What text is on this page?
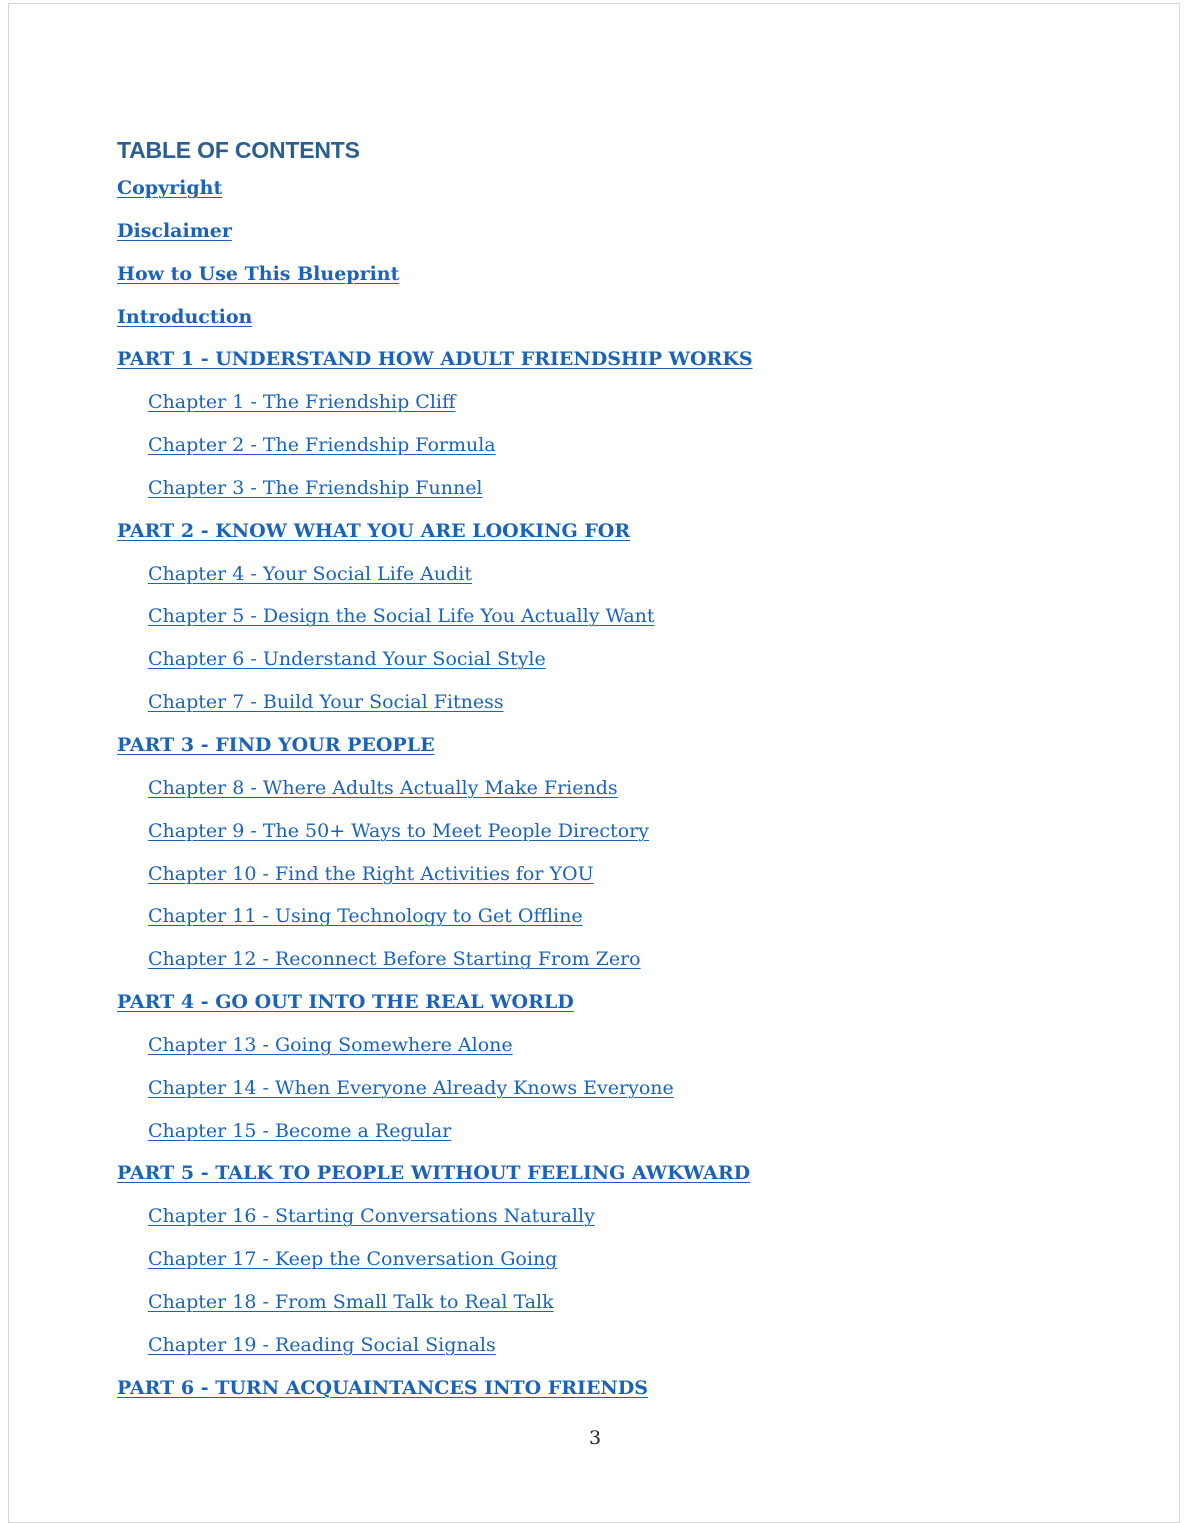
TABLE OF CONTENTS
Copyright
Disclaimer
How to Use This Blueprint
Introduction
PART 1 - UNDERSTAND HOW ADULT FRIENDSHIP WORKS
Chapter 1 - The Friendship Cliff
Chapter 2 - The Friendship Formula
Chapter 3 - The Friendship Funnel
PART 2 - KNOW WHAT YOU ARE LOOKING FOR
Chapter 4 - Your Social Life Audit
Chapter 5 - Design the Social Life You Actually Want
Chapter 6 - Understand Your Social Style
Chapter 7 - Build Your Social Fitness
PART 3 - FIND YOUR PEOPLE
Chapter 8 - Where Adults Actually Make Friends
Chapter 9 - The 50+ Ways to Meet People Directory
Chapter 10 - Find the Right Activities for YOU
Chapter 11 - Using Technology to Get Offline
Chapter 12 - Reconnect Before Starting From Zero
PART 4 - GO OUT INTO THE REAL WORLD
Chapter 13 - Going Somewhere Alone
Chapter 14 - When Everyone Already Knows Everyone
Chapter 15 - Become a Regular
PART 5 - TALK TO PEOPLE WITHOUT FEELING AWKWARD
Chapter 16 - Starting Conversations Naturally
Chapter 17 - Keep the Conversation Going
Chapter 18 - From Small Talk to Real Talk
Chapter 19 - Reading Social Signals
PART 6 - TURN ACQUAINTANCES INTO FRIENDS
3
